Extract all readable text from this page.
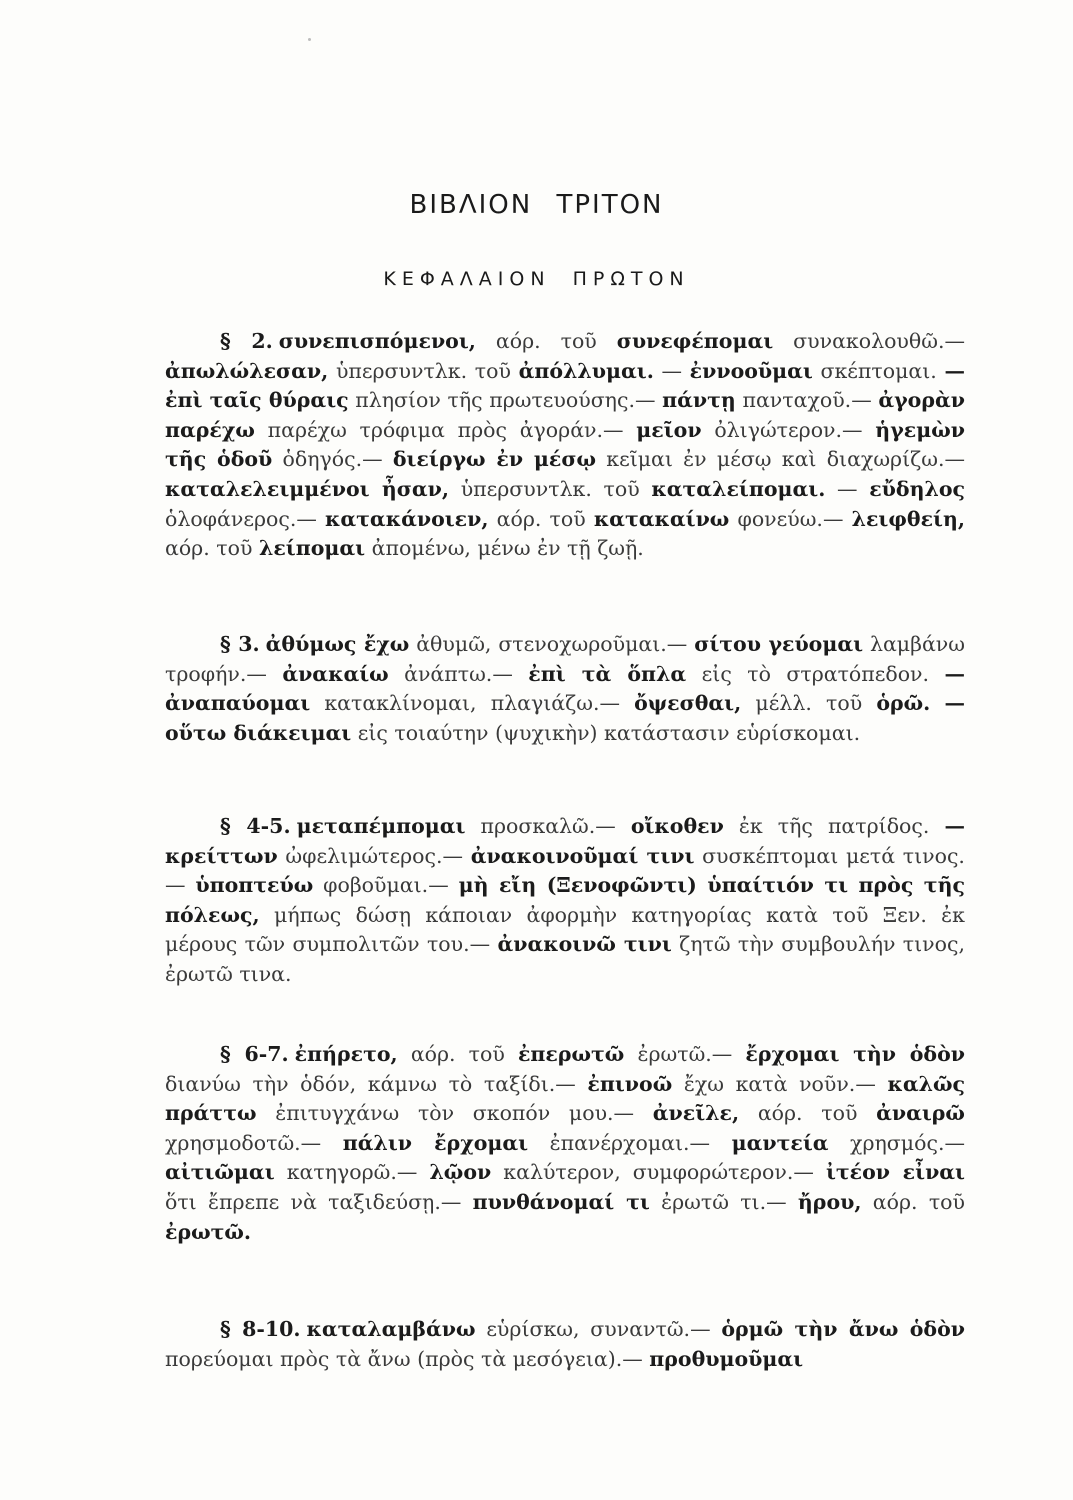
ΒΙΒΛΙΟΝ ΤΡΙΤΟΝ
ΚΕΦΑΛΑΙΟΝ ΠΡΩΤΟΝ

§ 2. συνεπισπόμενοι, αόρ. τοῦ συνεφέπομαι συνακολουθῶ.— ἀπωλώλεσαν, ὑπερσυντλκ. τοῦ ἀπόλλυμαι. — ἐννοοῦμαι σκέπτομαι. —ἐπὶ ταῖς θύραις πλησίον τῆς πρωτευούσης.— πάντῃ πανταχοῦ.— ἀγορὰν παρέχω παρέχω τρόφιμα πρὸς ἀγοράν.— μεῖον ὀλιγώτερον.— ἡγεμὼν τῆς ὁδοῦ ὁδηγός.— διείργω ἐν μέσῳ κεῖμαι ἐν μέσῳ καὶ διαχωρίζω.— καταλελειμμένοι ἦσαν, ὑπερσυντλκ. τοῦ καταλείπομαι. — εὔδηλος ὁλοφάνερος.— κατακάνοιεν, αόρ. τοῦ κατακαίνω φονεύω.— λειφθείη, αόρ. τοῦ λείπομαι ἀπομένω, μένω ἐν τῇ ζωῇ.

§ 3. ἀθύμως ἔχω ἀθυμῶ, στενοχωροῦμαι.— σίτου γεύομαι λαμβάνω τροφήν.— ἀνακαίω ἀνάπτω.— ἐπὶ τὰ ὅπλα εἰς τὸ στρατόπεδον. —ἀναπαύομαι κατακλίνομαι, πλαγιάζω.— ὄψεσθαι, μέλλ. τοῦ ὁρῶ. —οὕτω διάκειμαι εἰς τοιαύτην (ψυχικὴν) κατάστασιν εὑρίσκομαι.

§ 4-5. μεταπέμπομαι προσκαλῶ.— οἴκοθεν ἐκ τῆς πατρίδος. —κρείττων ὠφελιμώτερος.— ἀνακοινοῦμαί τινι συσκέπτομαι μετά τινος.— ὑποπτεύω φοβοῦμαι.— μὴ εἴη (Ξενοφῶντι) ὑπαίτιόν τι πρὸς τῆς πόλεως, μήπως δώσῃ κάποιαν ἀφορμὴν κατηγορίας κατὰ τοῦ Ξεν. ἐκ μέρους τῶν συμπολιτῶν του.— ἀνακοινῶ τινι ζητῶ τὴν συμβουλήν τινος, ἐρωτῶ τινα.

§ 6-7. ἐπήρετο, αόρ. τοῦ ἐπερωτῶ ἐρωτῶ.— ἔρχομαι τὴν ὁδὸν διανύω τὴν ὁδόν, κάμνω τὸ ταξίδι.— ἐπινοῶ ἔχω κατὰ νοῦν.— καλῶς πράττω ἐπιτυγχάνω τὸν σκοπόν μου.— ἀνεῖλε, αόρ. τοῦ ἀναιρῶ χρησμοδοτῶ.— πάλιν ἔρχομαι ἐπανέρχομαι.— μαντεία χρησμός.— αἰτιῶμαι κατηγορῶ.— λῷον καλύτερον, συμφορώτερον.— ἰτέον εἶναι ὅτι ἔπρεπε νὰ ταξιδεύσῃ.— πυνθάνομαί τι ἐρωτῶ τι.— ἤρου, αόρ. τοῦ ἐρωτῶ.

§ 8-10. καταλαμβάνω εὑρίσκω, συναντῶ.— ὁρμῶ τὴν ἄνω ὁδὸν πορεύομαι πρὸς τὰ ἄνω (πρὸς τὰ μεσόγεια).— προθυμοῦμαι
